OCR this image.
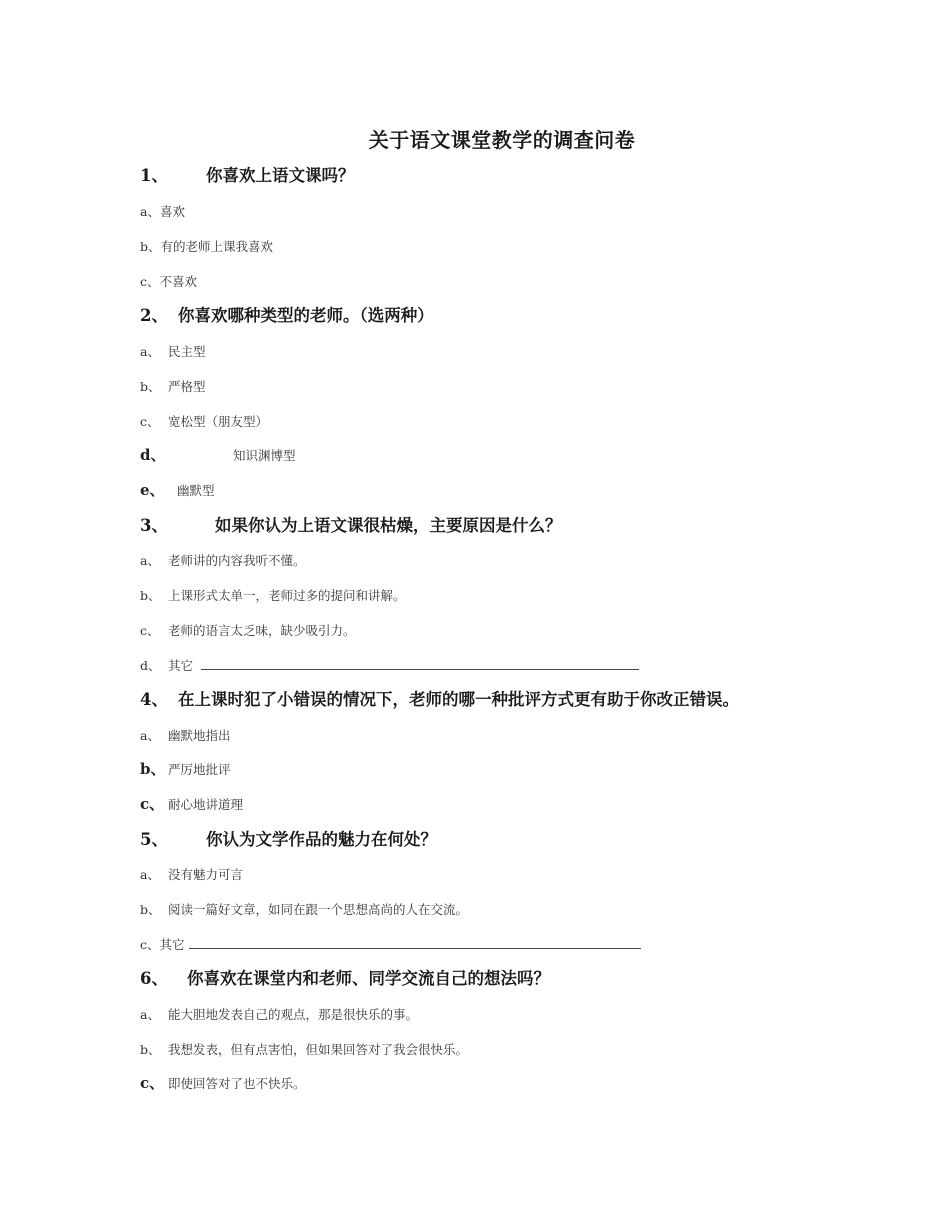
关于语文课堂教学的调查问卷
1、 你喜欢上语文课吗？
a、喜欢
b、有的老师上课我喜欢
c、不喜欢
2、 你喜欢哪种类型的老师。（选两种）
a、 民主型
b、 严格型
c、 宽松型（朋友型）
d、	知识渊博型
e、 幽默型
3、	如果你认为上语文课很枯燥，主要原因是什么？
a、 老师讲的内容我听不懂。
b、 上课形式太单一，老师过多的提问和讲解。
c、 老师的语言太乏味，缺少吸引力。
d、 其它
4、 在上课时犯了小错误的情况下，老师的哪一种批评方式更有助于你改正错误。
a、 幽默地指出
b、 严厉地批评
c、 耐心地讲道理
5、 你认为文学作品的魅力在何处？
a、 没有魅力可言
b、 阅读一篇好文章，如同在跟一个思想高尚的人在交流。
c、其它
6、 你喜欢在课堂内和老师、同学交流自己的想法吗？
a、 能大胆地发表自己的观点，那是很快乐的事。
b、 我想发表，但有点害怕，但如果回答对了我会很快乐。
c、 即使回答对了也不快乐。
